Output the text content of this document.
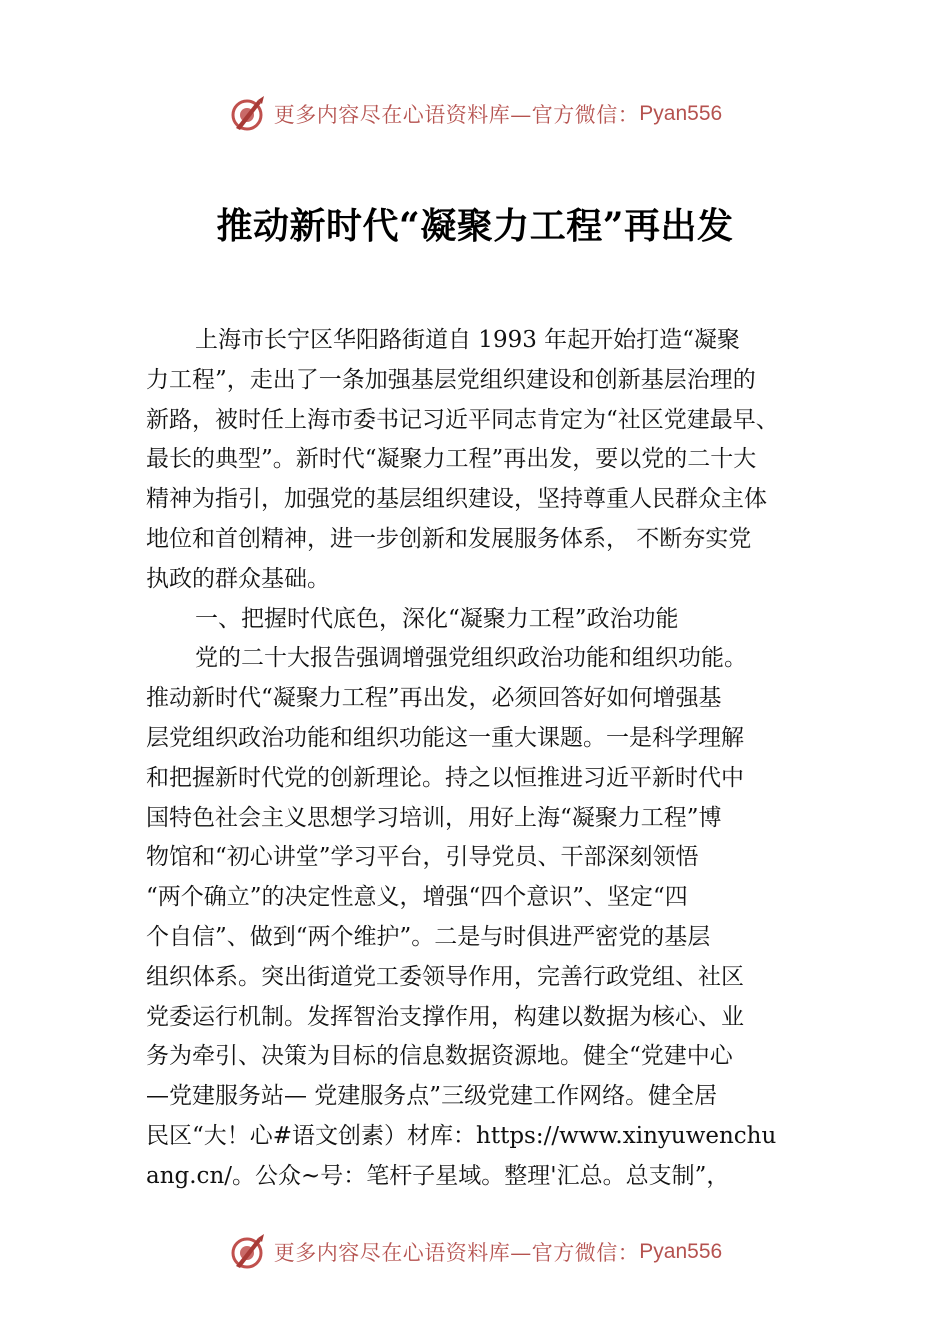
更多内容尽在心语资料库—官方微信： Pyan556
推动新时代“凝聚力工程”再出发
上海市长宁区华阳路街道自 1993 年起开始打造“凝聚
力工程”，走出了一条加强基层党组织建设和创新基层治理的
新路，被时任上海市委书记习近平同志肯定为“社区党建最早、
最长的典型”。新时代“凝聚力工程”再出发，要以党的二十大
精神为指引，加强党的基层组织建设，坚持尊重人民群众主体
地位和首创精神，进一步创新和发展服务体系， 不断夯实党
执政的群众基础。
一、把握时代底色，深化“凝聚力工程”政治功能
党的二十大报告强调增强党组织政治功能和组织功能。
推动新时代“凝聚力工程”再出发，必须回答好如何增强基
层党组织政治功能和组织功能这一重大课题。一是科学理解
和把握新时代党的创新理论。持之以恒推进习近平新时代中
国特色社会主义思想学习培训，用好上海“凝聚力工程”博
物馆和“初心讲堂”学习平台，引导党员、干部深刻领悟
“两个确立”的决定性意义，增强“四个意识”、坚定“四
个自信”、做到“两个维护”。二是与时俱进严密党的基层
组织体系。突出街道党工委领导作用，完善行政党组、社区
党委运行机制。发挥智治支撑作用，构建以数据为核心、业
务为牵引、决策为目标的信息数据资源地。健全“党建中心
—党建服务站— 党建服务点”三级党建工作网络。健全居
民区“大！心#语文创素）材库：https://www.xinyuwenchu
ang.cn/。公众~号：笔杆子星域。整理'汇总。总支制”，
更多内容尽在心语资料库—官方微信： Pyan556
